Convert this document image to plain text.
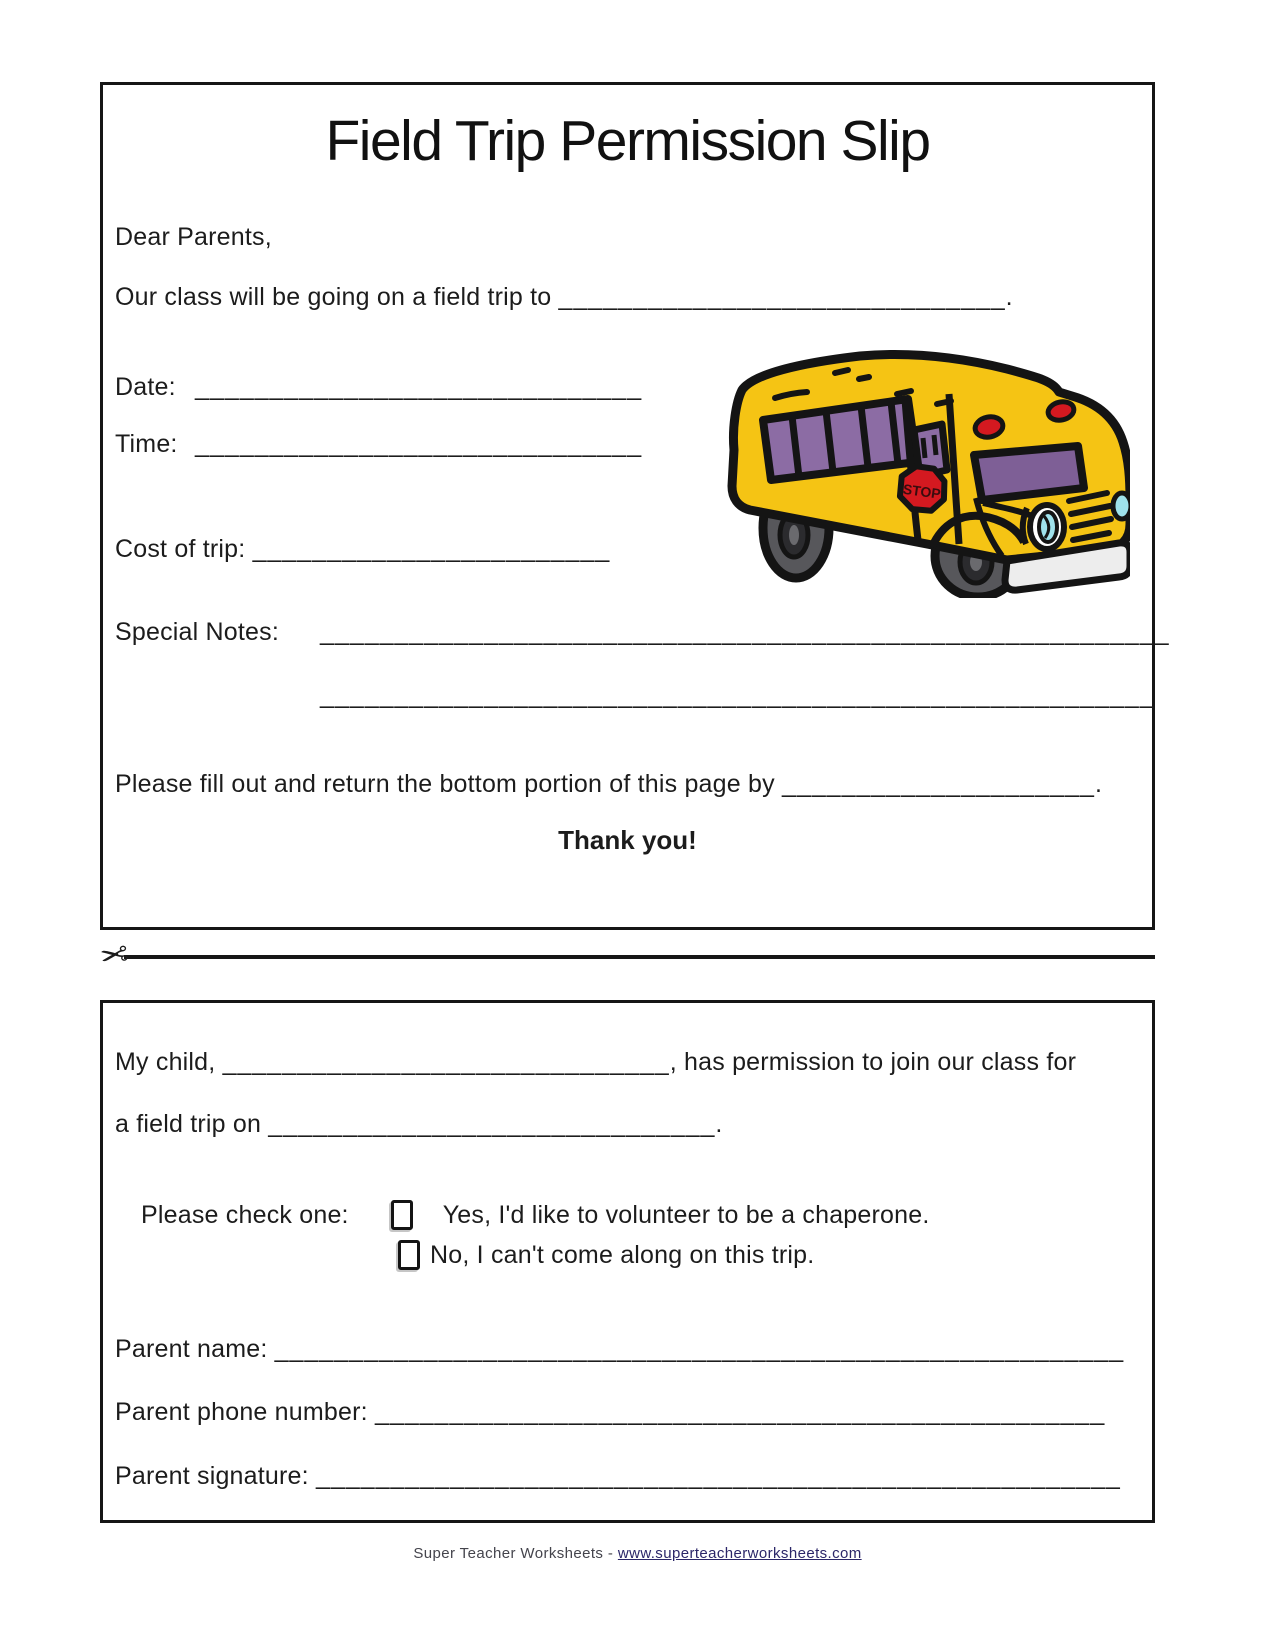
Field Trip Permission Slip
Dear Parents,
Our class will be going on a field trip to ______________________________.
Date: ______________________________
Time: ______________________________
Cost of trip: ________________________
Special Notes: _________________________________________________________
________________________________________________________
Please fill out and return the bottom portion of this page by _____________________.
Thank you!
STOP
✂
My child, ______________________________, has permission to join our class for
a field trip on ______________________________.
Please check one:	Yes, I'd like to volunteer to be a chaperone.
No, I can't come along on this trip.
Parent name: _________________________________________________________
Parent phone number: _________________________________________________
Parent signature: ______________________________________________________
Super Teacher Worksheets - www.superteacherworksheets.com
